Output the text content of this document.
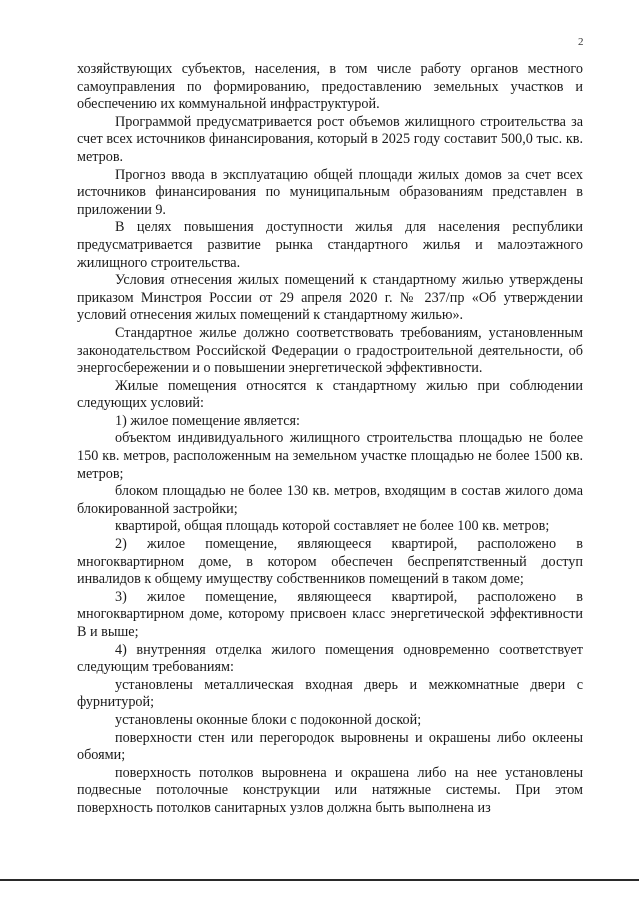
2

хозяйствующих субъектов, населения, в том числе работу органов местного самоуправления по формированию, предоставлению земельных участков и обеспечению их коммунальной инфраструктурой.

Программой предусматривается рост объемов жилищного строительства за счет всех источников финансирования, который в 2025 году составит 500,0 тыс. кв. метров.

Прогноз ввода в эксплуатацию общей площади жилых домов за счет всех источников финансирования по муниципальным образованиям представлен в приложении 9.

В целях повышения доступности жилья для населения республики предусматривается развитие рынка стандартного жилья и малоэтажного жилищного строительства.

Условия отнесения жилых помещений к стандартному жилью утверждены приказом Минстроя России от 29 апреля 2020 г. № 237/пр «Об утверждении условий отнесения жилых помещений к стандартному жилью».

Стандартное жилье должно соответствовать требованиям, установленным законодательством Российской Федерации о градостроительной деятельности, об энергосбережении и о повышении энергетической эффективности.

Жилые помещения относятся к стандартному жилью при соблюдении следующих условий:

1) жилое помещение является:

объектом индивидуального жилищного строительства площадью не более 150 кв. метров, расположенным на земельном участке площадью не более 1500 кв. метров;

блоком площадью не более 130 кв. метров, входящим в состав жилого дома блокированной застройки;

квартирой, общая площадь которой составляет не более 100 кв. метров;

2) жилое помещение, являющееся квартирой, расположено в многоквартирном доме, в котором обеспечен беспрепятственный доступ инвалидов к общему имуществу собственников помещений в таком доме;

3) жилое помещение, являющееся квартирой, расположено в многоквартирном доме, которому присвоен класс энергетической эффективности B и выше;

4) внутренняя отделка жилого помещения одновременно соответствует следующим требованиям:

установлены металлическая входная дверь и межкомнатные двери с фурнитурой;

установлены оконные блоки с подоконной доской;

поверхности стен или перегородок выровнены и окрашены либо оклеены обоями;

поверхность потолков выровнена и окрашена либо на нее установлены подвесные потолочные конструкции или натяжные системы. При этом поверхность потолков санитарных узлов должна быть выполнена из
